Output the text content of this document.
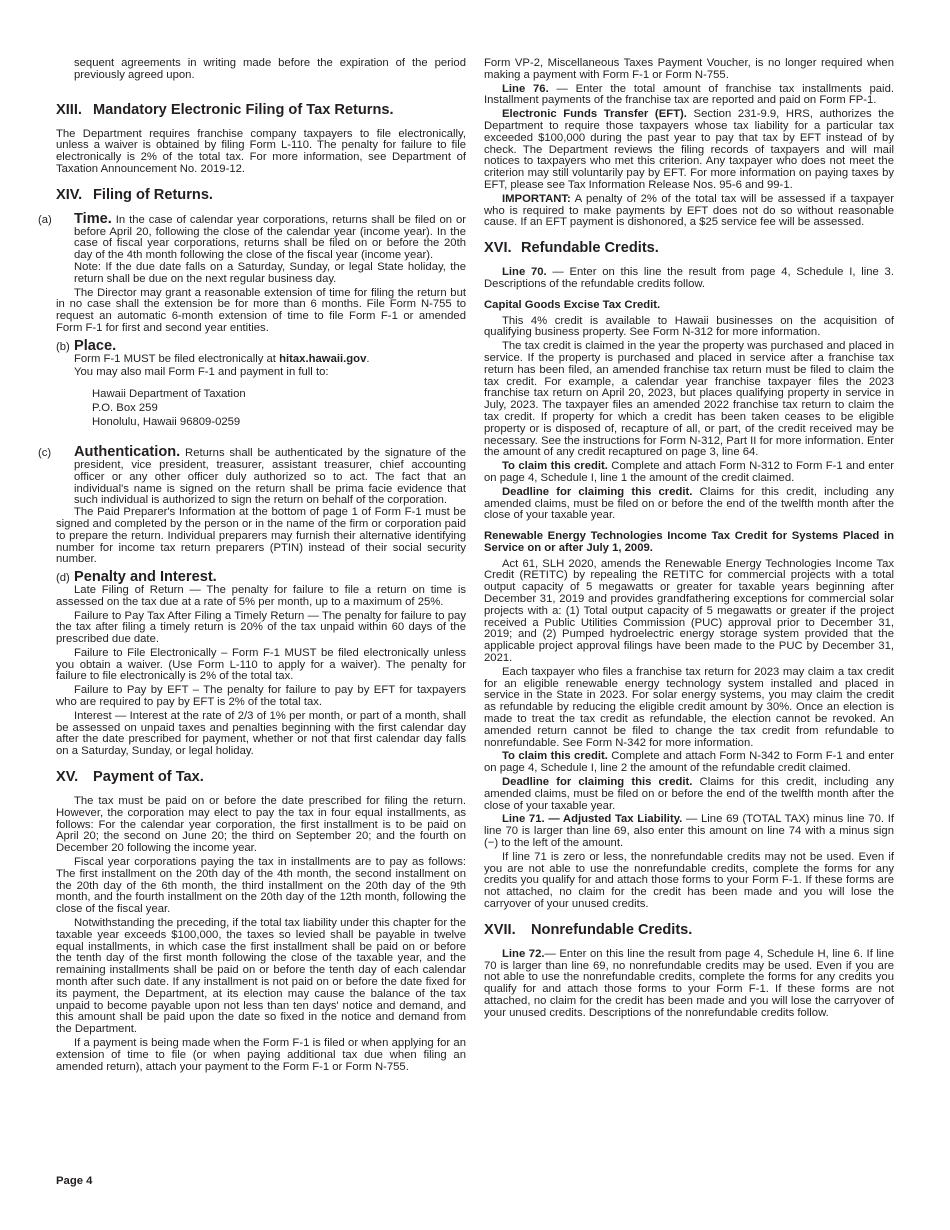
sequent agreements in writing made before the expiration of the period previously agreed upon.

XIII. Mandatory Electronic Filing of Tax Returns.

The Department requires franchise company taxpayers to file electronically, unless a waiver is obtained by filing Form L-110. The penalty for failure to file electronically is 2% of the total tax. For more information, see Department of Taxation Announcement No. 2019-12.

XIV. Filing of Returns.

(a) Time. In the case of calendar year corporations, returns shall be filed on or before April 20, following the close of the calendar year (income year). In the case of fiscal year corporations, returns shall be filed on or before the 20th day of the 4th month following the close of the fiscal year (income year).

Note: If the due date falls on a Saturday, Sunday, or legal State holiday, the return shall be due on the next regular business day.

The Director may grant a reasonable extension of time for filing the return but in no case shall the extension be for more than 6 months. File Form N-755 to request an automatic 6-month extension of time to file Form F-1 or amended Form F-1 for first and second year entities.

(b) Place.

Form F-1 MUST be filed electronically at hitax.hawaii.gov.

You may also mail Form F-1 and payment in full to:

Hawaii Department of Taxation
P.O. Box 259
Honolulu, Hawaii 96809-0259

(c) Authentication. Returns shall be authenticated by the signature of the president, vice president, treasurer, assistant treasurer, chief accounting officer or any other officer duly authorized so to act. The fact that an individual's name is signed on the return shall be prima facie evidence that such individual is authorized to sign the return on behalf of the corporation.

The Paid Preparer's Information at the bottom of page 1 of Form F-1 must be signed and completed by the person or in the name of the firm or corporation paid to prepare the return. Individual preparers may furnish their alternative identifying number for income tax return preparers (PTIN) instead of their social security number.

(d) Penalty and Interest.

Late Filing of Return — The penalty for failure to file a return on time is assessed on the tax due at a rate of 5% per month, up to a maximum of 25%.

Failure to Pay Tax After Filing a Timely Return — The penalty for failure to pay the tax after filing a timely return is 20% of the tax unpaid within 60 days of the prescribed due date.

Failure to File Electronically – Form F-1 MUST be filed electronically unless you obtain a waiver. (Use Form L-110 to apply for a waiver). The penalty for failure to file electronically is 2% of the total tax.

Failure to Pay by EFT – The penalty for failure to pay by EFT for taxpayers who are required to pay by EFT is 2% of the total tax.

Interest — Interest at the rate of 2/3 of 1% per month, or part of a month, shall be assessed on unpaid taxes and penalties beginning with the first calendar day after the date prescribed for payment, whether or not that first calendar day falls on a Saturday, Sunday, or legal holiday.

XV. Payment of Tax.

The tax must be paid on or before the date prescribed for filing the return. However, the corporation may elect to pay the tax in four equal installments, as follows: For the calendar year corporation, the first installment is to be paid on April 20; the second on June 20; the third on September 20; and the fourth on December 20 following the income year.

Fiscal year corporations paying the tax in installments are to pay as follows: The first installment on the 20th day of the 4th month, the second installment on the 20th day of the 6th month, the third installment on the 20th day of the 9th month, and the fourth installment on the 20th day of the 12th month, following the close of the fiscal year.

Notwithstanding the preceding, if the total tax liability under this chapter for the taxable year exceeds $100,000, the taxes so levied shall be payable in twelve equal installments, in which case the first installment shall be paid on or before the tenth day of the first month following the close of the taxable year, and the remaining installments shall be paid on or before the tenth day of each calendar month after such date. If any installment is not paid on or before the date fixed for its payment, the Department, at its election may cause the balance of the tax unpaid to become payable upon not less than ten days' notice and demand, and this amount shall be paid upon the date so fixed in the notice and demand from the Department.

If a payment is being made when the Form F-1 is filed or when applying for an extension of time to file (or when paying additional tax due when filing an amended return), attach your payment to the Form F-1 or Form N-755.

Form VP-2, Miscellaneous Taxes Payment Voucher, is no longer required when making a payment with Form F-1 or Form N-755.

Line 76. — Enter the total amount of franchise tax installments paid. Installment payments of the franchise tax are reported and paid on Form FP-1.

Electronic Funds Transfer (EFT). Section 231-9.9, HRS, authorizes the Department to require those taxpayers whose tax liability for a particular tax exceeded $100,000 during the past year to pay that tax by EFT instead of by check. The Department reviews the filing records of taxpayers and will mail notices to taxpayers who met this criterion. Any taxpayer who does not meet the criterion may still voluntarily pay by EFT. For more information on paying taxes by EFT, please see Tax Information Release Nos. 95-6 and 99-1.

IMPORTANT: A penalty of 2% of the total tax will be assessed if a taxpayer who is required to make payments by EFT does not do so without reasonable cause. If an EFT payment is dishonored, a $25 service fee will be assessed.

XVI. Refundable Credits.

Line 70. — Enter on this line the result from page 4, Schedule I, line 3. Descriptions of the refundable credits follow.

Capital Goods Excise Tax Credit.

This 4% credit is available to Hawaii businesses on the acquisition of qualifying business property. See Form N-312 for more information.

The tax credit is claimed in the year the property was purchased and placed in service. If the property is purchased and placed in service after a franchise tax return has been filed, an amended franchise tax return must be filed to claim the tax credit. For example, a calendar year franchise taxpayer files the 2023 franchise tax return on April 20, 2023, but places qualifying property in service in July, 2023. The taxpayer files an amended 2022 franchise tax return to claim the tax credit. If property for which a credit has been taken ceases to be eligible property or is disposed of, recapture of all, or part, of the credit received may be necessary. See the instructions for Form N-312, Part II for more information. Enter the amount of any credit recaptured on page 3, line 64.

To claim this credit. Complete and attach Form N-312 to Form F-1 and enter on page 4, Schedule I, line 1 the amount of the credit claimed.

Deadline for claiming this credit. Claims for this credit, including any amended claims, must be filed on or before the end of the twelfth month after the close of your taxable year.

Renewable Energy Technologies Income Tax Credit for Systems Placed in Service on or after July 1, 2009.

Act 61, SLH 2020, amends the Renewable Energy Technologies Income Tax Credit (RETITC) by repealing the RETITC for commercial projects with a total output capacity of 5 megawatts or greater for taxable years beginning after December 31, 2019 and provides grandfathering exceptions for commercial solar projects with a: (1) Total output capacity of 5 megawatts or greater if the project received a Public Utilities Commission (PUC) approval prior to December 31, 2019; and (2) Pumped hydroelectric energy storage system provided that the applicable project approval filings have been made to the PUC by December 31, 2021.

Each taxpayer who files a franchise tax return for 2023 may claim a tax credit for an eligible renewable energy technology system installed and placed in service in the State in 2023. For solar energy systems, you may claim the credit as refundable by reducing the eligible credit amount by 30%. Once an election is made to treat the tax credit as refundable, the election cannot be revoked. An amended return cannot be filed to change the tax credit from refundable to nonrefundable. See Form N-342 for more information.

To claim this credit. Complete and attach Form N-342 to Form F-1 and enter on page 4, Schedule I, line 2 the amount of the refundable credit claimed.

Deadline for claiming this credit. Claims for this credit, including any amended claims, must be filed on or before the end of the twelfth month after the close of your taxable year.

Line 71. — Adjusted Tax Liability. — Line 69 (TOTAL TAX) minus line 70. If line 70 is larger than line 69, also enter this amount on line 74 with a minus sign (−) to the left of the amount.

If line 71 is zero or less, the nonrefundable credits may not be used. Even if you are not able to use the nonrefundable credits, complete the forms for any credits you qualify for and attach those forms to your Form F-1. If these forms are not attached, no claim for the credit has been made and you will lose the carryover of your unused credits.

XVII. Nonrefundable Credits.

Line 72.— Enter on this line the result from page 4, Schedule H, line 6. If line 70 is larger than line 69, no nonrefundable credits may be used. Even if you are not able to use the nonrefundable credits, complete the forms for any credits you qualify for and attach those forms to your Form F-1. If these forms are not attached, no claim for the credit has been made and you will lose the carryover of your unused credits. Descriptions of the nonrefundable credits follow.

Page 4
